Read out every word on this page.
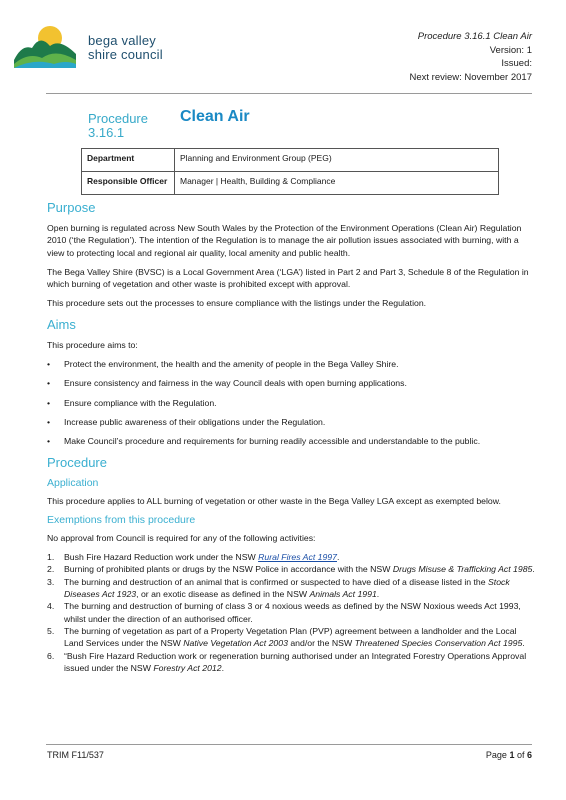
bega valley
shire council
Procedure 3.16.1 Clean Air
Version: 1
Issued:
Next review: November 2017
Procedure
3.16.1
Clean Air
Department	Planning and Environment Group (PEG)
Responsible Officer	Manager | Health, Building & Compliance
Purpose

Open burning is regulated across New South Wales by the Protection of the Environment Operations (Clean Air) Regulation 2010 (‘the Regulation’). The intention of the Regulation is to manage the air pollution issues associated with burning, with a view to protecting local and regional air quality, local amenity and public health.

The Bega Valley Shire (BVSC) is a Local Government Area (‘LGA’) listed in Part 2 and Part 3, Schedule 8 of the Regulation in which burning of vegetation and other waste is prohibited except with approval.

This procedure sets out the processes to ensure compliance with the listings under the Regulation.

Aims

This procedure aims to:

• Protect the environment, the health and the amenity of people in the Bega Valley Shire.
• Ensure consistency and fairness in the way Council deals with open burning applications.
• Ensure compliance with the Regulation.
• Increase public awareness of their obligations under the Regulation.
• Make Council’s procedure and requirements for burning readily accessible and understandable to the public.
Procedure
Application

This procedure applies to ALL burning of vegetation or other waste in the Bega Valley LGA except as exempted below.

Exemptions from this procedure

No approval from Council is required for any of the following activities:

1. Bush Fire Hazard Reduction work under the NSW Rural Fires Act 1997.
2. Burning of prohibited plants or drugs by the NSW Police in accordance with the NSW Drugs Misuse & Trafficking Act 1985.
3. The burning and destruction of an animal that is confirmed or suspected to have died of a disease listed in the Stock Diseases Act 1923, or an exotic disease as defined in the NSW Animals Act 1991.
4. The burning and destruction of burning of class 3 or 4 noxious weeds as defined by the NSW Noxious weeds Act 1993, whilst under the direction of an authorised officer.
5. The burning of vegetation as part of a Property Vegetation Plan (PVP) agreement between a landholder and the Local Land Services under the NSW Native Vegetation Act 2003 and/or the NSW Threatened Species Conservation Act 1995.
6. “Bush Fire Hazard Reduction work or regeneration burning authorised under an Integrated Forestry Operations Approval issued under the NSW Forestry Act 2012.
TRIM F11/537	Page 1 of 6
